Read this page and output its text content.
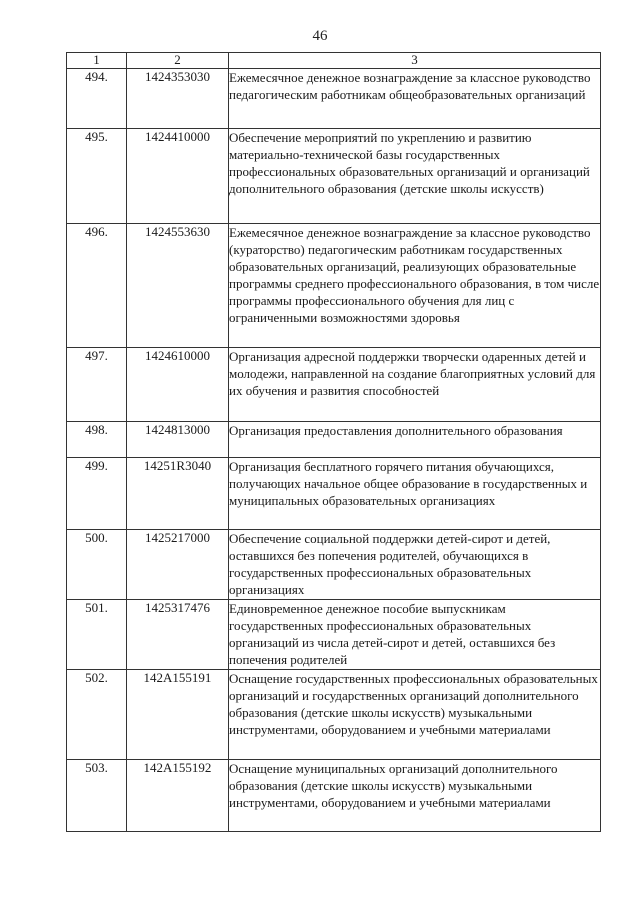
46
1	2	3
494.	1424353030	Ежемесячное денежное вознаграждение за классное руководство педагогическим работникам общеобразовательных организаций
495.	1424410000	Обеспечение мероприятий по укреплению и развитию материально-технической базы государственных профессиональных образовательных организаций и организаций дополнительного образования (детские школы искусств)
496.	1424553630	Ежемесячное денежное вознаграждение за классное руководство (кураторство) педагогическим работникам государственных образовательных организаций, реализующих образовательные программы среднего профессионального образования, в том числе программы профессионального обучения для лиц с ограниченными возможностями здоровья
497.	1424610000	Организация адресной поддержки творчески одаренных детей и молодежи, направленной на создание благоприятных условий для их обучения и развития способностей
498.	1424813000	Организация предоставления дополнительного образования
499.	14251R3040	Организация бесплатного горячего питания обучающихся, получающих начальное общее образование в государственных и муниципальных образовательных организациях
500.	1425217000	Обеспечение социальной поддержки детей-сирот и детей, оставшихся без попечения родителей, обучающихся в государственных профессиональных образовательных организациях
501.	1425317476	Единовременное денежное пособие выпускникам государственных профессиональных образовательных организаций из числа детей-сирот и детей, оставшихся без попечения родителей
502.	142А155191	Оснащение государственных профессиональных образовательных организаций и государственных организаций дополнительного образования (детские школы искусств) музыкальными инструментами, оборудованием и учебными материалами
503.	142А155192	Оснащение муниципальных организаций дополнительного образования (детские школы искусств) музыкальными инструментами, оборудованием и учебными материалами
